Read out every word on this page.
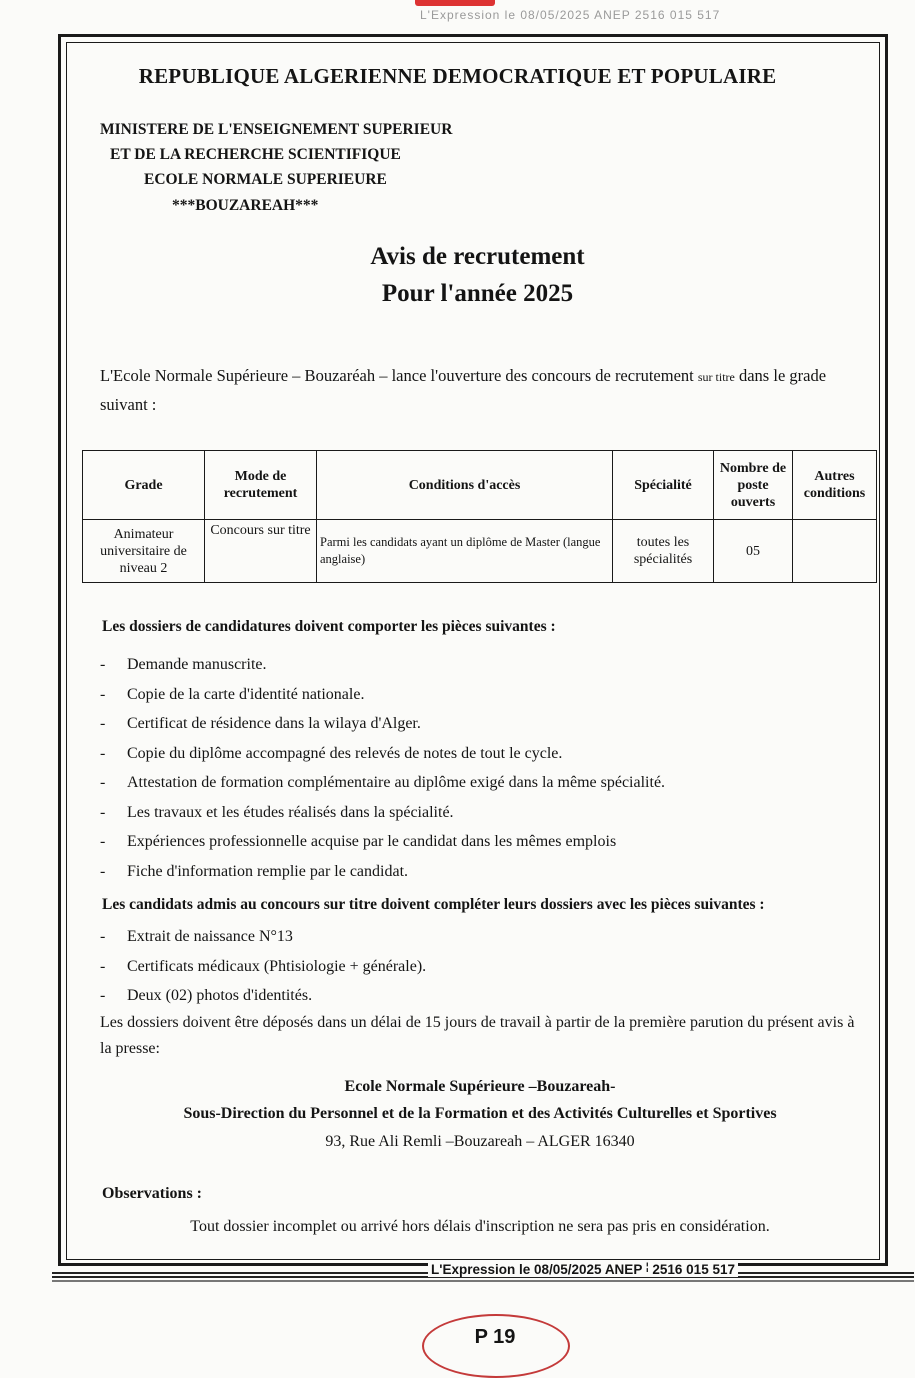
L'Expression le 08/05/2025 ANEP 2516 015 517
REPUBLIQUE ALGERIENNE DEMOCRATIQUE ET POPULAIRE
MINISTERE DE L'ENSEIGNEMENT SUPERIEUR
ET DE LA RECHERCHE SCIENTIFIQUE
ECOLE NORMALE SUPERIEURE
***BOUZAREAH***
Avis de recrutement
Pour l'année 2025
L'Ecole Normale Supérieure – Bouzaréah – lance l'ouverture des concours de recrutement sur titre dans le grade suivant :
Grade	Mode de recrutement	Conditions d'accès	Spécialité	Nombre de poste ouverts	Autres conditions
Animateur universitaire de niveau 2	Concours sur titre	Parmi les candidats ayant un diplôme de Master (langue anglaise)	toutes les spécialités	05	
Les dossiers de candidatures doivent comporter les pièces suivantes :
- Demande manuscrite.
- Copie de la carte d'identité nationale.
- Certificat de résidence dans la wilaya d'Alger.
- Copie du diplôme accompagné des relevés de notes de tout le cycle.
- Attestation de formation complémentaire au diplôme exigé dans la même spécialité.
- Les travaux et les études réalisés dans la spécialité.
- Expériences professionnelle acquise par le candidat dans les mêmes emplois
- Fiche d'information remplie par le candidat.
Les candidats admis au concours sur titre doivent compléter leurs dossiers avec les pièces suivantes :
- Extrait de naissance N°13
- Certificats médicaux (Phtisiologie + générale).
- Deux (02) photos d'identités.
Les dossiers doivent être déposés dans un délai de 15 jours de travail à partir de la première parution du présent avis à la presse:
Ecole Normale Supérieure –Bouzareah-
Sous-Direction du Personnel et de la Formation et des Activités Culturelles et Sportives
93, Rue Ali Remli –Bouzareah – ALGER 16340
Observations :
Tout dossier incomplet ou arrivé hors délais d'inscription ne sera pas pris en considération.
L'Expression le 08/05/2025 ANEP ¦ 2516 015 517
P 19
